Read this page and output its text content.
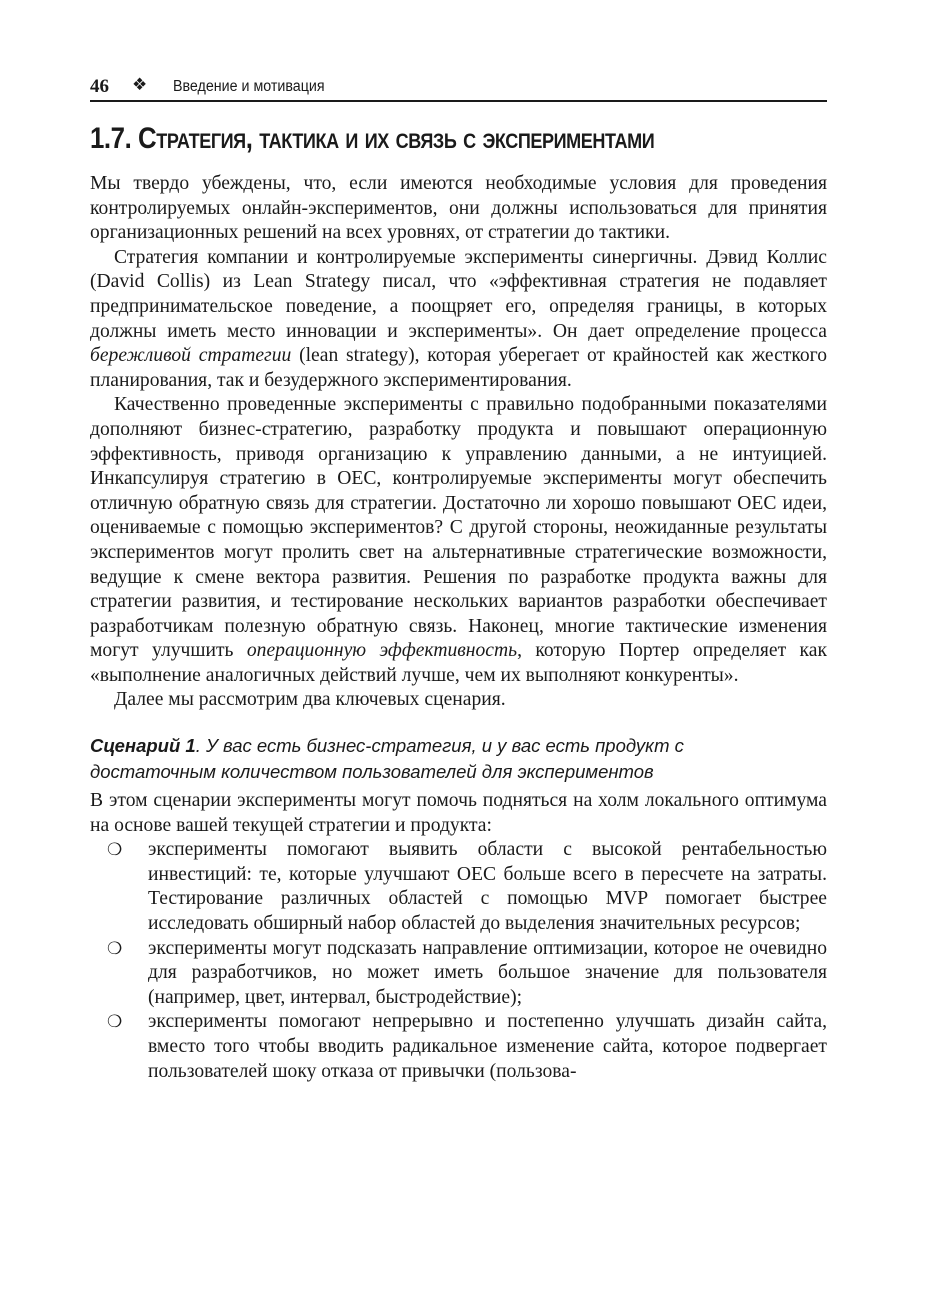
46 ❖ Введение и мотивация
1.7. Стратегия, тактика и их связь с экспериментами

Мы твердо убеждены, что, если имеются необходимые условия для проведения контролируемых онлайн-экспериментов, они должны использоваться для принятия организационных решений на всех уровнях, от стратегии до тактики.

Стратегия компании и контролируемые эксперименты синергичны. Дэвид Коллис (David Collis) из Lean Strategy писал, что «эффективная стратегия не подавляет предпринимательское поведение, а поощряет его, определяя границы, в которых должны иметь место инновации и эксперименты». Он дает определение процесса бережливой стратегии (lean strategy), которая уберегает от крайностей как жесткого планирования, так и безудержного экспериментирования.

Качественно проведенные эксперименты с правильно подобранными показателями дополняют бизнес-стратегию, разработку продукта и повышают операционную эффективность, приводя организацию к управлению данными, а не интуицией. Инкапсулируя стратегию в OEC, контролируемые эксперименты могут обеспечить отличную обратную связь для стратегии. Достаточно ли хорошо повышают OEC идеи, оцениваемые с помощью экспериментов? С другой стороны, неожиданные результаты экспериментов могут пролить свет на альтернативные стратегические возможности, ведущие к смене вектора развития. Решения по разработке продукта важны для стратегии развития, и тестирование нескольких вариантов разработки обеспечивает разработчикам полезную обратную связь. Наконец, многие тактические изменения могут улучшить операционную эффективность, которую Портер определяет как «выполнение аналогичных действий лучше, чем их выполняют конкуренты».

Далее мы рассмотрим два ключевых сценария.

Сценарий 1. У вас есть бизнес-стратегия, и у вас есть продукт с достаточным количеством пользователей для экспериментов

В этом сценарии эксперименты могут помочь подняться на холм локального оптимума на основе вашей текущей стратегии и продукта:

❍ эксперименты помогают выявить области с высокой рентабельностью инвестиций: те, которые улучшают OEC больше всего в пересчете на затраты. Тестирование различных областей с помощью MVP помогает быстрее исследовать обширный набор областей до выделения значительных ресурсов;
❍ эксперименты могут подсказать направление оптимизации, которое не очевидно для разработчиков, но может иметь большое значение для пользователя (например, цвет, интервал, быстродействие);
❍ эксперименты помогают непрерывно и постепенно улучшать дизайн сайта, вместо того чтобы вводить радикальное изменение сайта, которое подвергает пользователей шоку отказа от привычки (пользова-
